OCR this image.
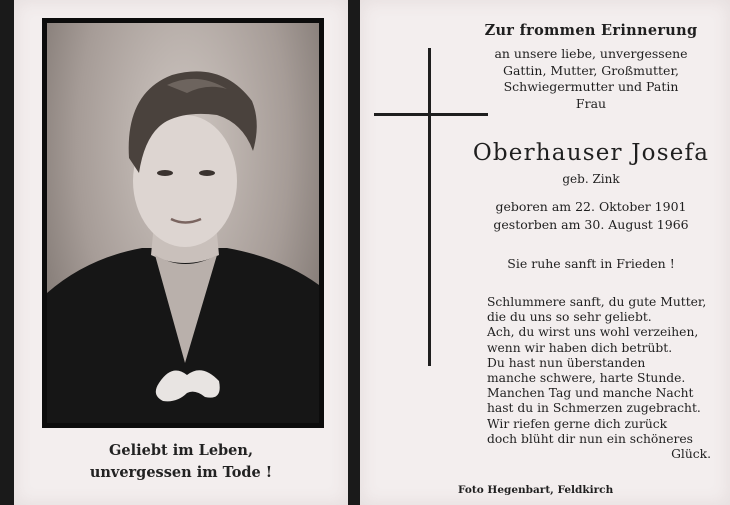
Geliebt im Leben,
unvergessen im Tode !
Zur frommen Erinnerung
an unsere liebe, unvergessene
Gattin, Mutter, Großmutter,
Schwiegermutter und Patin
Frau
Oberhauser Josefa
geb. Zink
geboren am 22. Oktober 1901
gestorben am 30. August 1966
Sie ruhe sanft in Frieden !
Schlummere sanft, du gute Mutter,
die du uns so sehr geliebt.
Ach, du wirst uns wohl verzeihen,
wenn wir haben dich betrübt.
Du hast nun überstanden
manche schwere, harte Stunde.
Manchen Tag und manche Nacht
hast du in Schmerzen zugebracht.
Wir riefen gerne dich zurück
doch blüht dir nun ein schöneres
Glück.
Foto Hegenbart, Feldkirch
